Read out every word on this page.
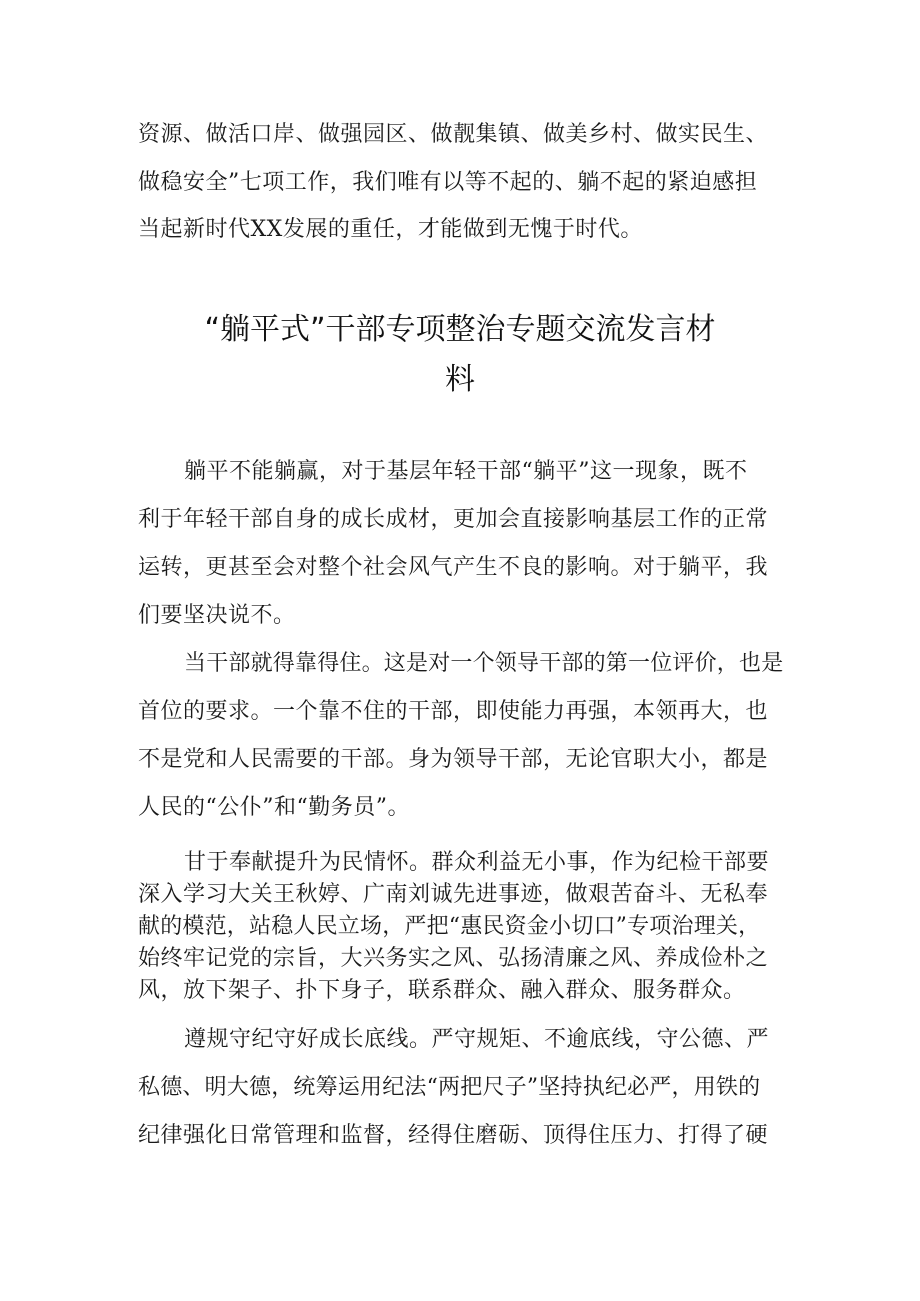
资源、做活口岸、做强园区、做靓集镇、做美乡村、做实民生、
做稳安全”七项工作，我们唯有以等不起的、躺不起的紧迫感担
当起新时代XX发展的重任，才能做到无愧于时代。
“躺平式”干部专项整治专题交流发言材
料
躺平不能躺赢，对于基层年轻干部“躺平”这一现象，既不
利于年轻干部自身的成长成材，更加会直接影响基层工作的正常
运转，更甚至会对整个社会风气产生不良的影响。对于躺平，我
们要坚决说不。
当干部就得靠得住。这是对一个领导干部的第一位评价，也是
首位的要求。一个靠不住的干部，即使能力再强，本领再大，也
不是党和人民需要的干部。身为领导干部，无论官职大小，都是
人民的“公仆”和“勤务员”。
甘于奉献提升为民情怀。群众利益无小事，作为纪检干部要
深入学习大关王秋婷、广南刘诚先进事迹，做艰苦奋斗、无私奉
献的模范，站稳人民立场，严把“惠民资金小切口”专项治理关，
始终牢记党的宗旨，大兴务实之风、弘扬清廉之风、养成俭朴之
风，放下架子、扑下身子，联系群众、融入群众、服务群众。
遵规守纪守好成长底线。严守规矩、不逾底线，守公德、严
私德、明大德，统筹运用纪法“两把尺子”坚持执纪必严，用铁的
纪律强化日常管理和监督，经得住磨砺、顶得住压力、打得了硬
